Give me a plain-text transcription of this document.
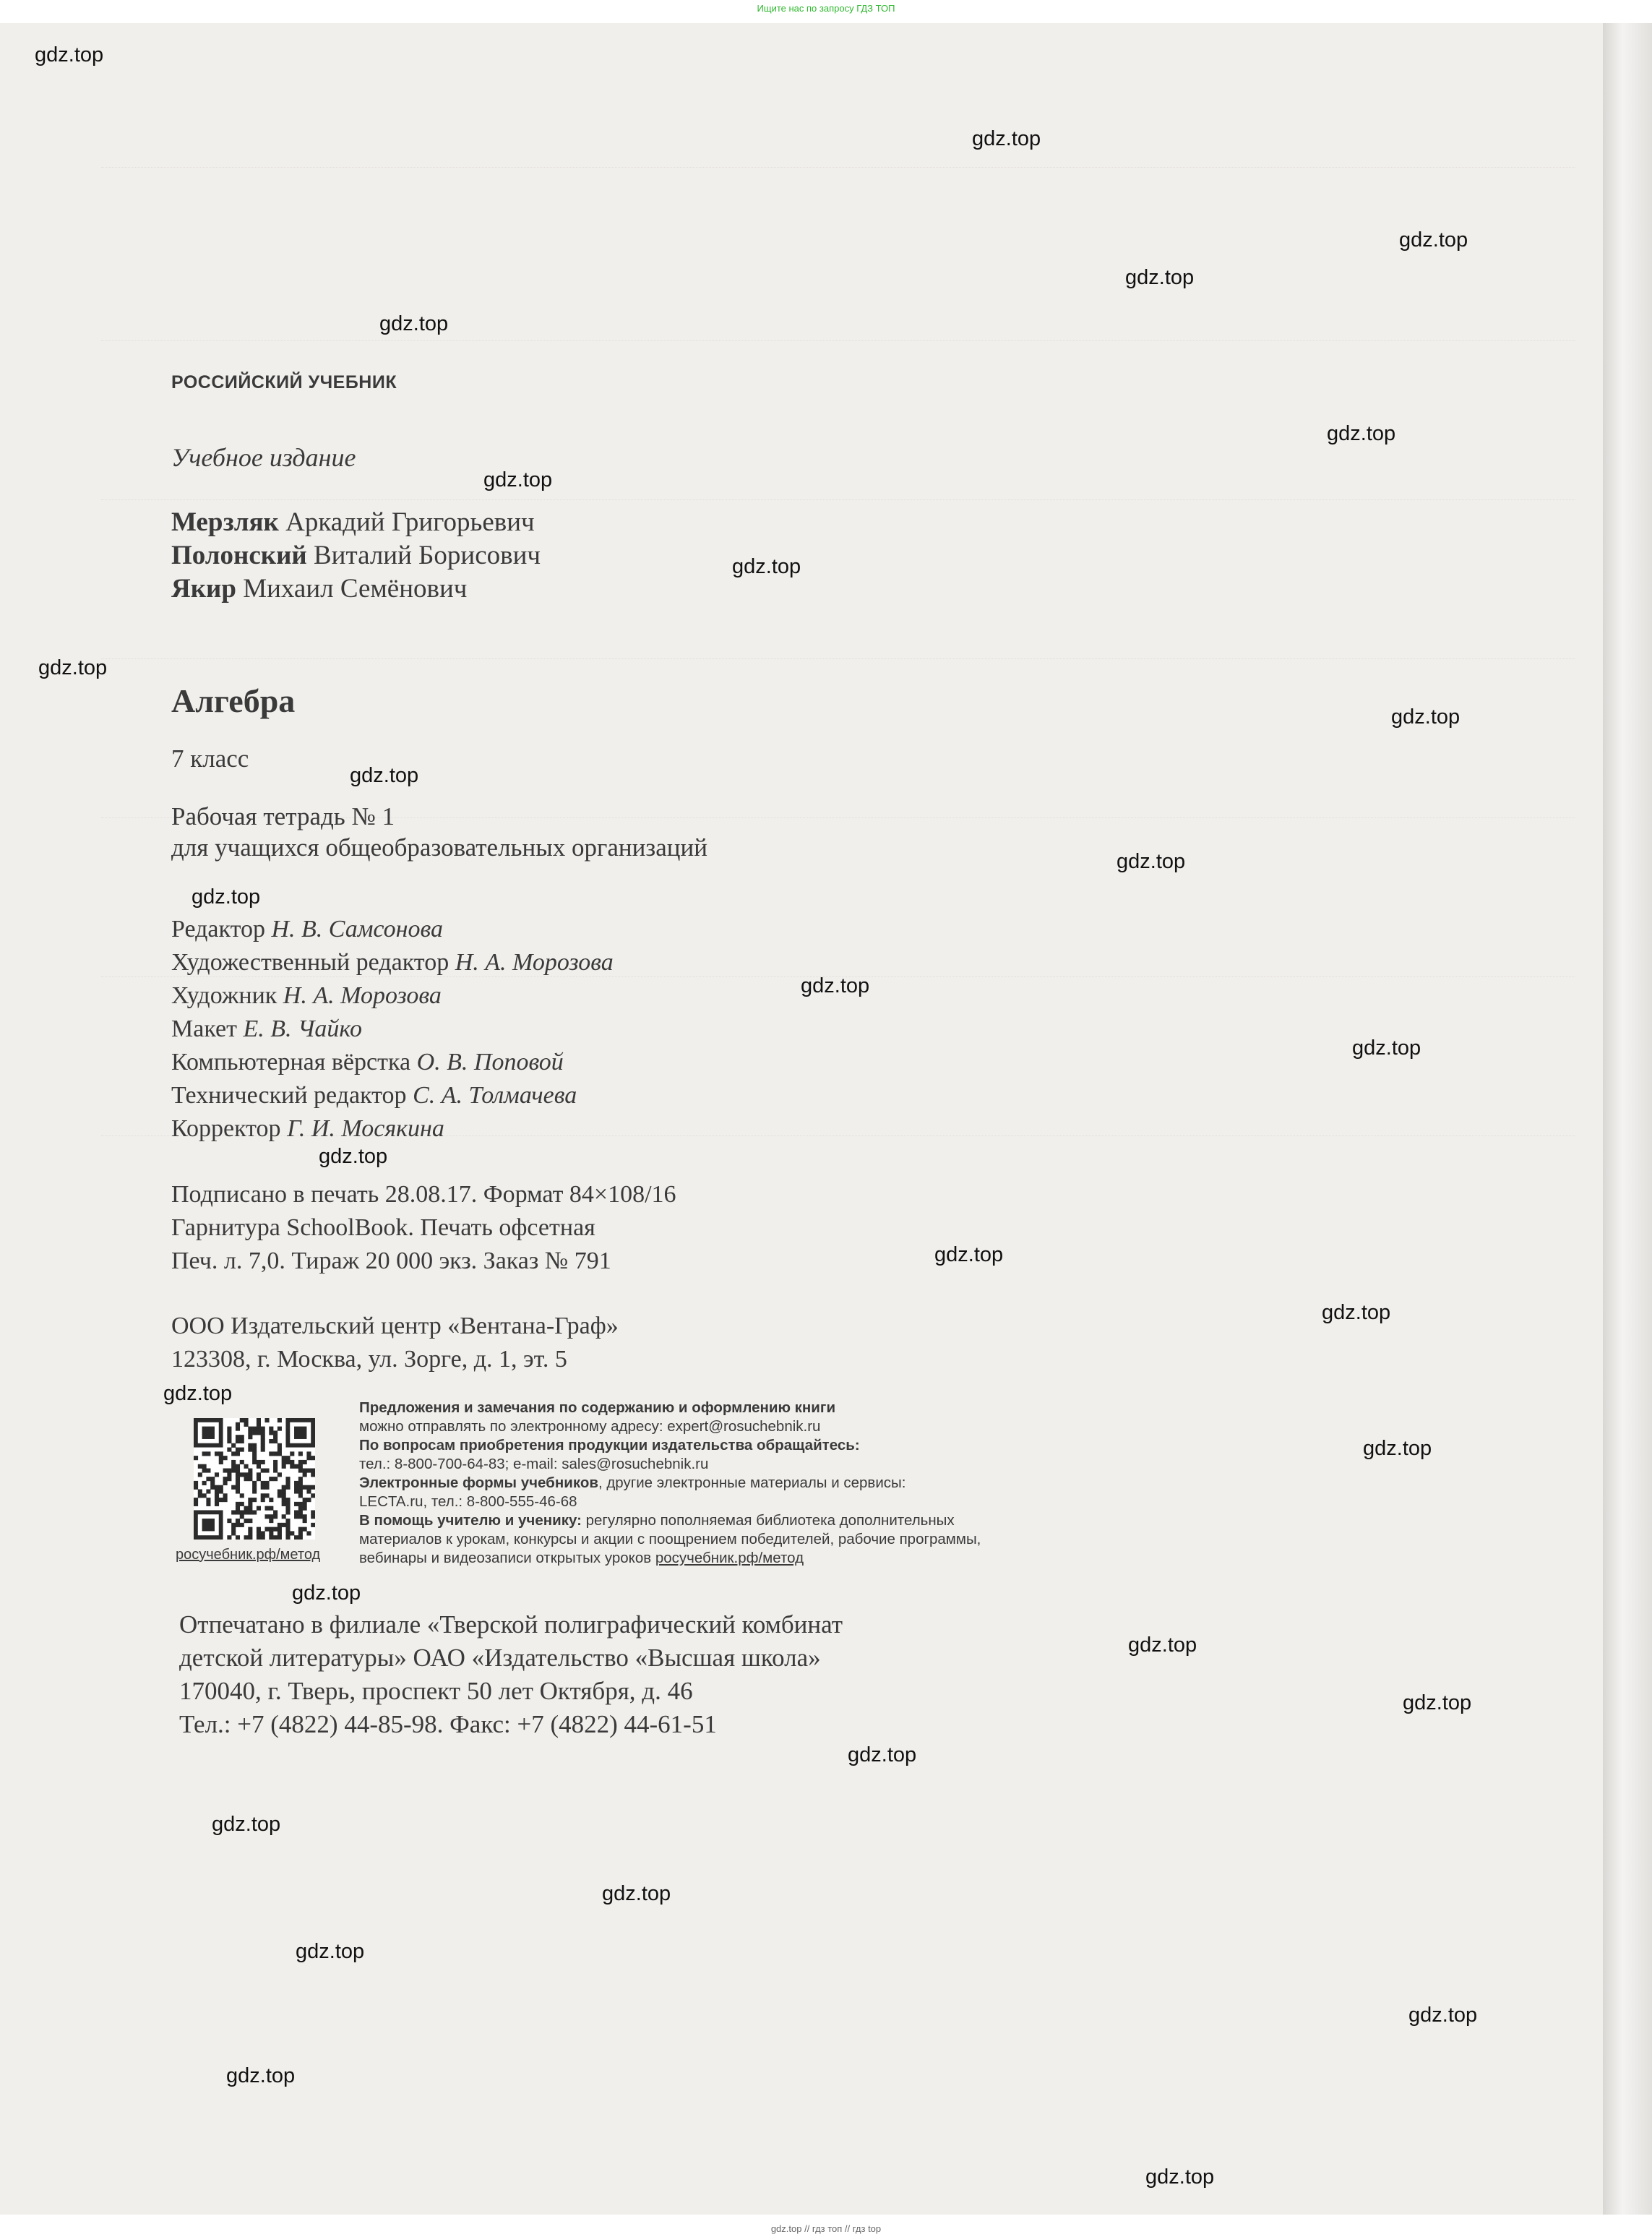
Ищите нас по запросу ГДЗ ТОП
РОССИЙСКИЙ УЧЕБНИК
Учебное издание
Мерзляк Аркадий Григорьевич
Полонский Виталий Борисович
Якир Михаил Семёнович
Алгебра
7 класс
Рабочая тетрадь № 1
для учащихся общеобразовательных организаций
Редактор Н. В. Самсонова
Художественный редактор Н. А. Морозова
Художник Н. А. Морозова
Макет Е. В. Чайко
Компьютерная вёрстка О. В. Поповой
Технический редактор С. А. Толмачева
Корректор Г. И. Мосякина
Подписано в печать 28.08.17. Формат 84×108/16
Гарнитура SchoolBook. Печать офсетная
Печ. л. 7,0. Тираж 20 000 экз. Заказ № 791
ООО Издательский центр «Вентана-Граф»
123308, г. Москва, ул. Зорге, д. 1, эт. 5
росучебник.рф/метод
Предложения и замечания по содержанию и оформлению книги
можно отправлять по электронному адресу: expert@rosuchebnik.ru
По вопросам приобретения продукции издательства обращайтесь:
тел.: 8-800-700-64-83; e-mail: sales@rosuchebnik.ru
Электронные формы учебников, другие электронные материалы и сервисы:
LECTA.ru, тел.: 8-800-555-46-68
В помощь учителю и ученику: регулярно пополняемая библиотека дополнительных
материалов к урокам, конкурсы и акции с поощрением победителей, рабочие программы,
вебинары и видеозаписи открытых уроков росучебник.рф/метод
Отпечатано в филиале «Тверской полиграфический комбинат
детской литературы» ОАО «Издательство «Высшая школа»
170040, г. Тверь, проспект 50 лет Октября, д. 46
Тел.: +7 (4822) 44-85-98. Факс: +7 (4822) 44-61-51
gdz.top
gdz.top
gdz.top
gdz.top
gdz.top
gdz.top
gdz.top
gdz.top
gdz.top
gdz.top
gdz.top
gdz.top
gdz.top
gdz.top
gdz.top
gdz.top
gdz.top
gdz.top
gdz.top
gdz.top
gdz.top
gdz.top
gdz.top
gdz.top
gdz.top
gdz.top
gdz.top
gdz.top
gdz.top
gdz.top
gdz.top // гдз топ // гдз top
